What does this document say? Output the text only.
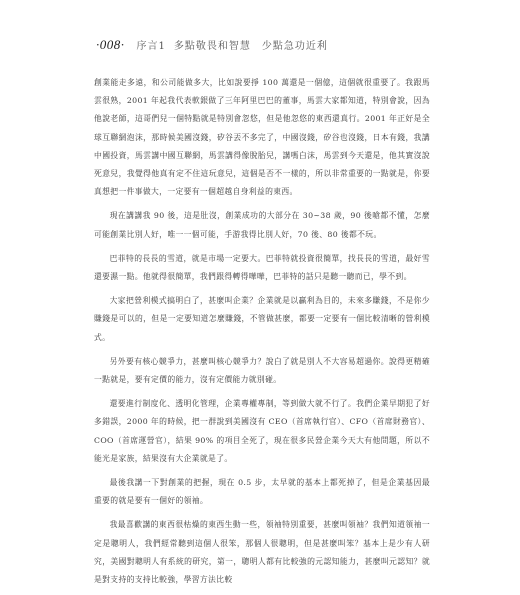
·008· 序言1 多點敬畏和智慧　少點急功近利

創業能走多遠，和公司能做多大，比如說要掙 100 萬還是一個億，這個就很重要了。我跟馬雲很熟，2001 年起我代表軟銀做了三年阿里巴巴的董事，馬雲大家都知道，特別會說，因為他說老師，這哥們兒一個特點就是特別會忽悠，但是他忽悠的東西還真行。2001 年正好是全球互聯網泡沫，那時候美國沒錢，矽谷丟不多完了，中國沒錢，矽谷也沒錢，日本有錢，我講中國投資，馬雲講中國互聯網，馬雲講得像脫胎兒，講嗎白沫，馬雲到今天還是，他其實沒說死意兒，我覺得他真有定不住這玩意兒，這個是否不一樣的，所以非常重要的一點就是，你要真想把一件事做大，一定要有一個超越自身利益的東西。

現在講講我 90 後，這是肚沒，創業成功的大部分在 30~38 歲，90 後嗆都不懂，怎麼可能創業比別人好，唯一一個可能，手游我得比別人好，70 後、80 後都不玩。

巴菲特的長長的雪道，就是市場一定要大。巴菲特就投資很簡單，找長長的雪道，最好雪還要濕一點。他就得很簡單，我們跟得轉得嘩嘩，巴菲特的話只是聽一聽而已，學不到。

大家把營利模式搞明白了，甚麼叫企業？企業就是以贏利為目的，未來多賺錢，不是你少賺錢是可以的，但是一定要知道怎麼賺錢，不管做甚麼，都要一定要有一個比較清晰的營利模式。

另外要有核心競爭力，甚麼叫核心競爭力？說白了就是別人不大容易超過你。說得更精確一點就是，要有定價的能力，沒有定價能力就別碰。

還要進行制度化、透明化管理，企業專權專制，等到做大就不行了。我們企業早期犯了好多錯誤，2000 年的時候，把一群說到美國沒有 CEO（首席執行官）、CFO（首席財務官）、COO（首席運營官），結果 90% 的項目全死了，現在很多民營企業今天大有他問題，所以不能光是家族，結果沒有大企業就是了。

最後我講一下對創業的把握，現在 0.5 步，太早就的基本上都死掉了，但是企業基因最重要的就是要有一個好的領袖。

我最喜歡講的東西很枯燥的東西生動一些，領袖特別重要，甚麼叫領袖？我們知道領袖一定是聰明人，我們經常聽到這個人很笨，那個人很聰明，但是甚麼叫笨？基本上是少有人研究，美國對聰明人有系統的研究，第一，聰明人都有比較強的元認知能力，甚麼叫元認知？就是對支持的支持比較強，學習方法比較
